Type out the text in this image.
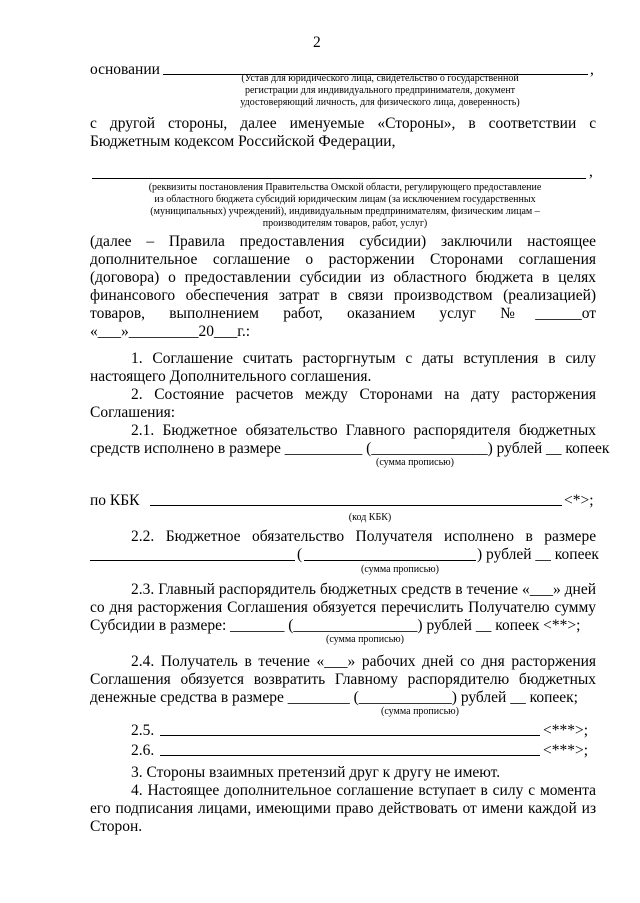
2
основании	,
(Устав для юридического лица, свидетельство о государственной
регистрации для индивидуального предпринимателя, документ
удостоверяющий личность, для физического лица, доверенность)
с другой стороны, далее именуемые «Стороны», в соответствии с
Бюджетным кодексом Российской Федерации,
,
(реквизиты постановления Правительства Омской области, регулирующего предоставление
из областного бюджета субсидий юридическим лицам (за исключением государственных
(муниципальных) учреждений), индивидуальным предпринимателям, физическим лицам –
производителям товаров, работ, услуг)
(далее – Правила предоставления субсидии) заключили настоящее
дополнительное соглашение о расторжении Сторонами соглашения
(договора) о предоставлении субсидии из областного бюджета в целях
финансового обеспечения затрат в связи производством (реализацией)
товаров, выполнением работ, оказанием услуг №______от
«___»_________20___г.:
1. Соглашение считать расторгнутым с даты вступления в силу
настоящего Дополнительного соглашения.
2. Состояние расчетов между Сторонами на дату расторжения
Соглашения:
2.1. Бюджетное обязательство Главного распорядителя бюджетных
средств исполнено в размере __________ (_______________) рублей __ копеек
(сумма прописью)
по КБК	<*>;
(код КБК)
2.2. Бюджетное обязательство Получателя исполнено в размере
(	) рублей __ копеек
(сумма прописью)
2.3. Главный распорядитель бюджетных средств в течение «___» дней
со дня расторжения Соглашения обязуется перечислить Получателю сумму
Субсидии в размере: _______ (________________) рублей __ копеек <**>;
(сумма прописью)
2.4. Получатель в течение «___» рабочих дней со дня расторжения
Соглашения обязуется возвратить Главному распорядителю бюджетных
денежные средства в размере ________ (____________) рублей __ копеек;
(сумма прописью)
2.5.	<***>;
2.6.	<***>;
3. Стороны взаимных претензий друг к другу не имеют.
4. Настоящее дополнительное соглашение вступает в силу с момента
его подписания лицами, имеющими право действовать от имени каждой из
Сторон.
